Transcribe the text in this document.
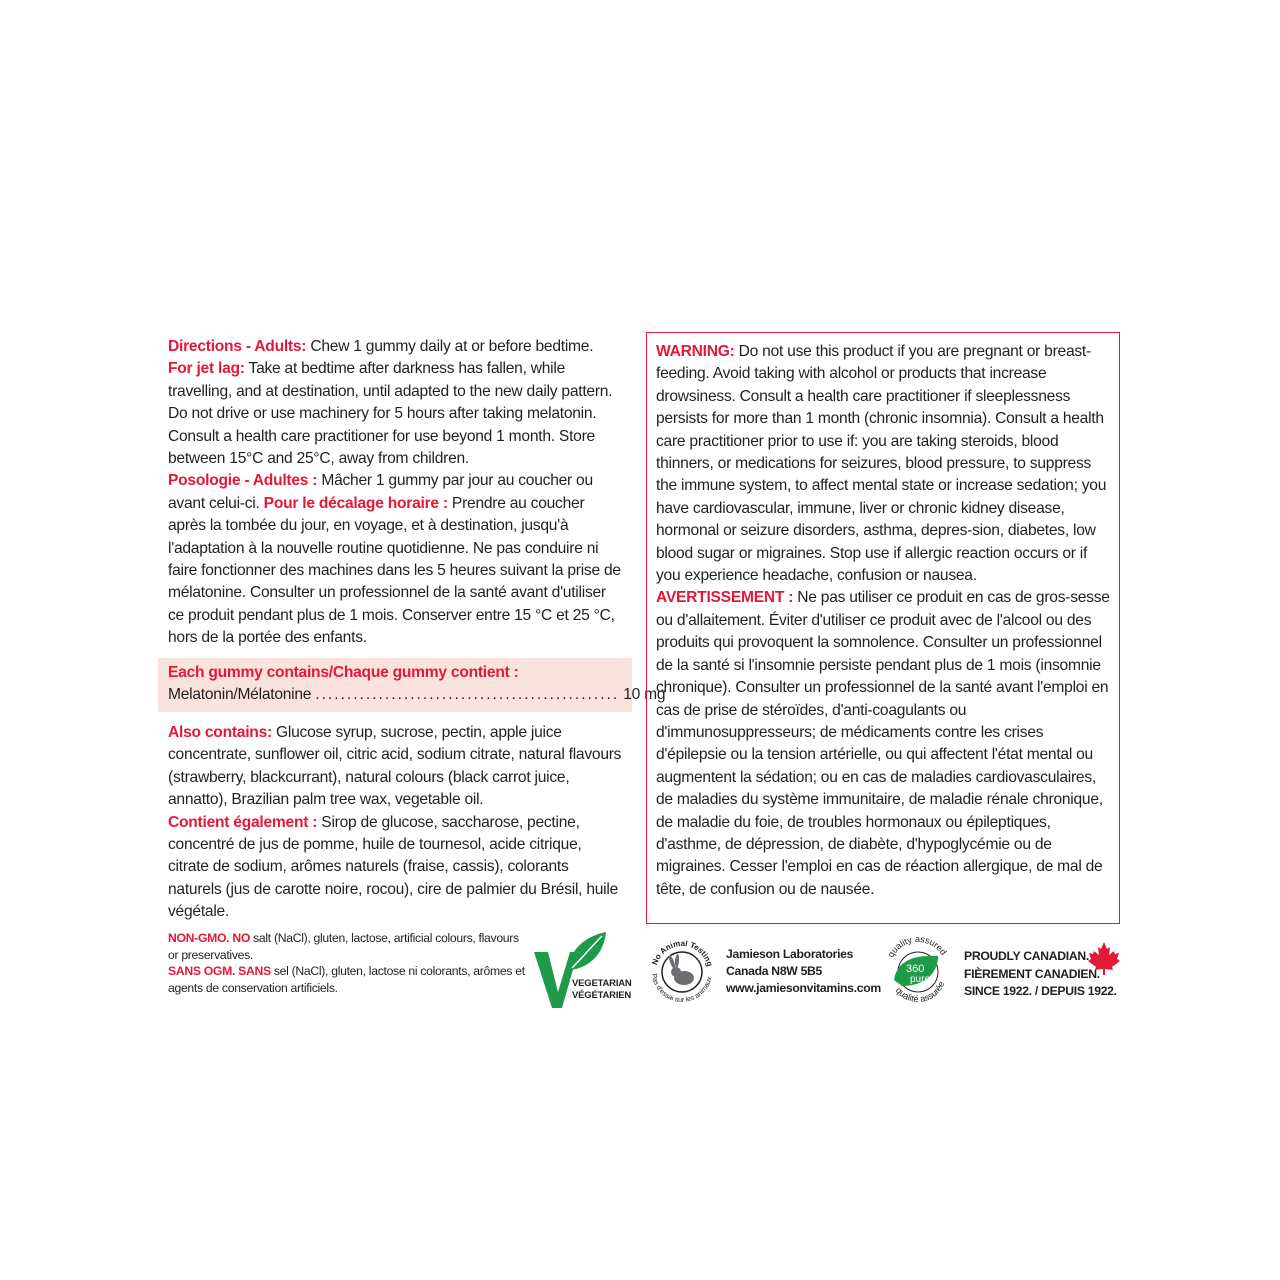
Directions - Adults: Chew 1 gummy daily at or before bedtime.
For jet lag: Take at bedtime after darkness has fallen, while travelling, and at destination, until adapted to the new daily pattern. Do not drive or use machinery for 5 hours after taking melatonin. Consult a health care practitioner for use beyond 1 month. Store between 15°C and 25°C, away from children.

Posologie - Adultes : Mâcher 1 gummy par jour au coucher ou avant celui-ci. Pour le décalage horaire : Prendre au coucher après la tombée du jour, en voyage, et à destination, jusqu'à l'adaptation à la nouvelle routine quotidienne. Ne pas conduire ni faire fonctionner des machines dans les 5 heures suivant la prise de mélatonine. Consulter un professionnel de la santé avant d'utiliser ce produit pendant plus de 1 mois. Conserver entre 15 °C et 25 °C, hors de la portée des enfants.

Each gummy contains/Chaque gummy contient :
Melatonin/Mélatonine ................................................ 10 mg

Also contains: Glucose syrup, sucrose, pectin, apple juice concentrate, sunflower oil, citric acid, sodium citrate, natural flavours (strawberry, blackcurrant), natural colours (black carrot juice, annatto), Brazilian palm tree wax, vegetable oil.

Contient également : Sirop de glucose, saccharose, pectine, concentré de jus de pomme, huile de tournesol, acide citrique, citrate de sodium, arômes naturels (fraise, cassis), colorants naturels (jus de carotte noire, rocou), cire de palmier du Brésil, huile végétale.

NON-GMO. NO salt (NaCl), gluten, lactose, artificial colours, flavours or preservatives.
SANS OGM. SANS sel (NaCl), gluten, lactose ni colorants, arômes et agents de conservation artificiels.	VEGETARIAN
VÉGÉTARIEN

WARNING: Do not use this product if you are pregnant or breast-feeding. Avoid taking with alcohol or products that increase drowsiness. Consult a health care practitioner if sleeplessness persists for more than 1 month (chronic insomnia). Consult a health care practitioner prior to use if: you are taking steroids, blood thinners, or medications for seizures, blood pressure, to suppress the immune system, to affect mental state or increase sedation; you have cardiovascular, immune, liver or chronic kidney disease, hormonal or seizure disorders, asthma, depres-sion, diabetes, low blood sugar or migraines. Stop use if allergic reaction occurs or if you experience headache, confusion or nausea.

AVERTISSEMENT : Ne pas utiliser ce produit en cas de gros-sesse ou d'allaitement. Éviter d'utiliser ce produit avec de l'alcool ou des produits qui provoquent la somnolence. Consulter un professionnel de la santé si l'insomnie persiste pendant plus de 1 mois (insomnie chronique). Consulter un professionnel de la santé avant l'emploi en cas de prise de stéroïdes, d'anti-coagulants ou d'immunosuppresseurs; de médicaments contre les crises d'épilepsie ou la tension artérielle, ou qui affectent l'état mental ou augmentent la sédation; ou en cas de maladies cardiovasculaires, de maladies du système immunitaire, de maladie rénale chronique, de maladie du foie, de troubles hormonaux ou épileptiques, d'asthme, de dépression, de diabète, d'hypoglycémie ou de migraines. Cesser l'emploi en cas de réaction allergique, de mal de tête, de confusion ou de nausée.

No Animal Testing
Pas d'essai sur les animaux
Jamieson Laboratories
Canada N8W 5B5
www.jamiesonvitamins.com
360
pure
quality assured
qualité assurée
PROUDLY CANADIAN.
FIÈREMENT CANADIEN.
SINCE 1922. / DEPUIS 1922.
